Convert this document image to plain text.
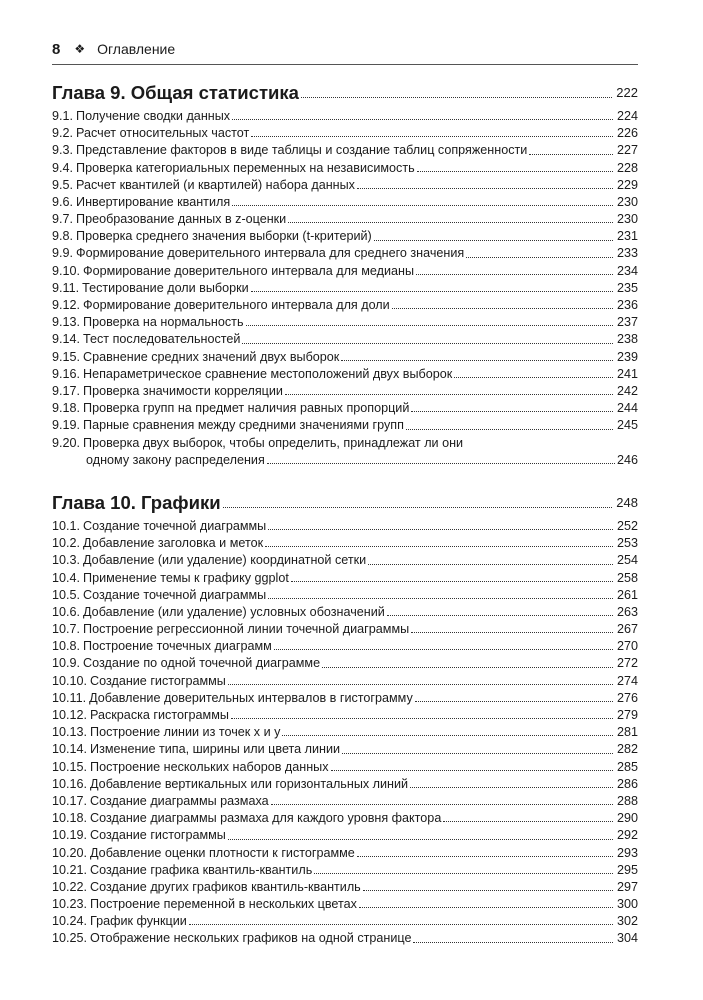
8 ❖ Оглавление
Глава 9. Общая статистика	222
9.1. Получение сводки данных	224
9.2. Расчет относительных частот	226
9.3. Представление факторов в виде таблицы и создание таблиц сопряженности	227
9.4. Проверка категориальных переменных на независимость	228
9.5. Расчет квантилей (и квартилей) набора данных	229
9.6. Инвертирование квантиля	230
9.7. Преобразование данных в z-оценки	230
9.8. Проверка среднего значения выборки (t-критерий)	231
9.9. Формирование доверительного интервала для среднего значения	233
9.10. Формирование доверительного интервала для медианы	234
9.11. Тестирование доли выборки	235
9.12. Формирование доверительного интервала для доли	236
9.13. Проверка на нормальность	237
9.14. Тест последовательностей	238
9.15. Сравнение средних значений двух выборок	239
9.16. Непараметрическое сравнение местоположений двух выборок	241
9.17. Проверка значимости корреляции	242
9.18. Проверка групп на предмет наличия равных пропорций	244
9.19. Парные сравнения между средними значениями групп	245
9.20. Проверка двух выборок, чтобы определить, принадлежат ли они
одному закону распределения	246
Глава 10. Графики	248
10.1. Создание точечной диаграммы	252
10.2. Добавление заголовка и меток	253
10.3. Добавление (или удаление) координатной сетки	254
10.4. Применение темы к графику ggplot	258
10.5. Создание точечной диаграммы	261
10.6. Добавление (или удаление) условных обозначений	263
10.7. Построение регрессионной линии точечной диаграммы	267
10.8. Построение точечных диаграмм	270
10.9. Создание по одной точечной диаграмме	272
10.10. Создание гистограммы	274
10.11. Добавление доверительных интервалов в гистограмму	276
10.12. Раскраска гистограммы	279
10.13. Построение линии из точек x и y	281
10.14. Изменение типа, ширины или цвета линии	282
10.15. Построение нескольких наборов данных	285
10.16. Добавление вертикальных или горизонтальных линий	286
10.17. Создание диаграммы размаха	288
10.18. Создание диаграммы размаха для каждого уровня фактора	290
10.19. Создание гистограммы	292
10.20. Добавление оценки плотности к гистограмме	293
10.21. Создание графика квантиль-квантиль	295
10.22. Создание других графиков квантиль-квантиль	297
10.23. Построение переменной в нескольких цветах	300
10.24. График функции	302
10.25. Отображение нескольких графиков на одной странице	304
